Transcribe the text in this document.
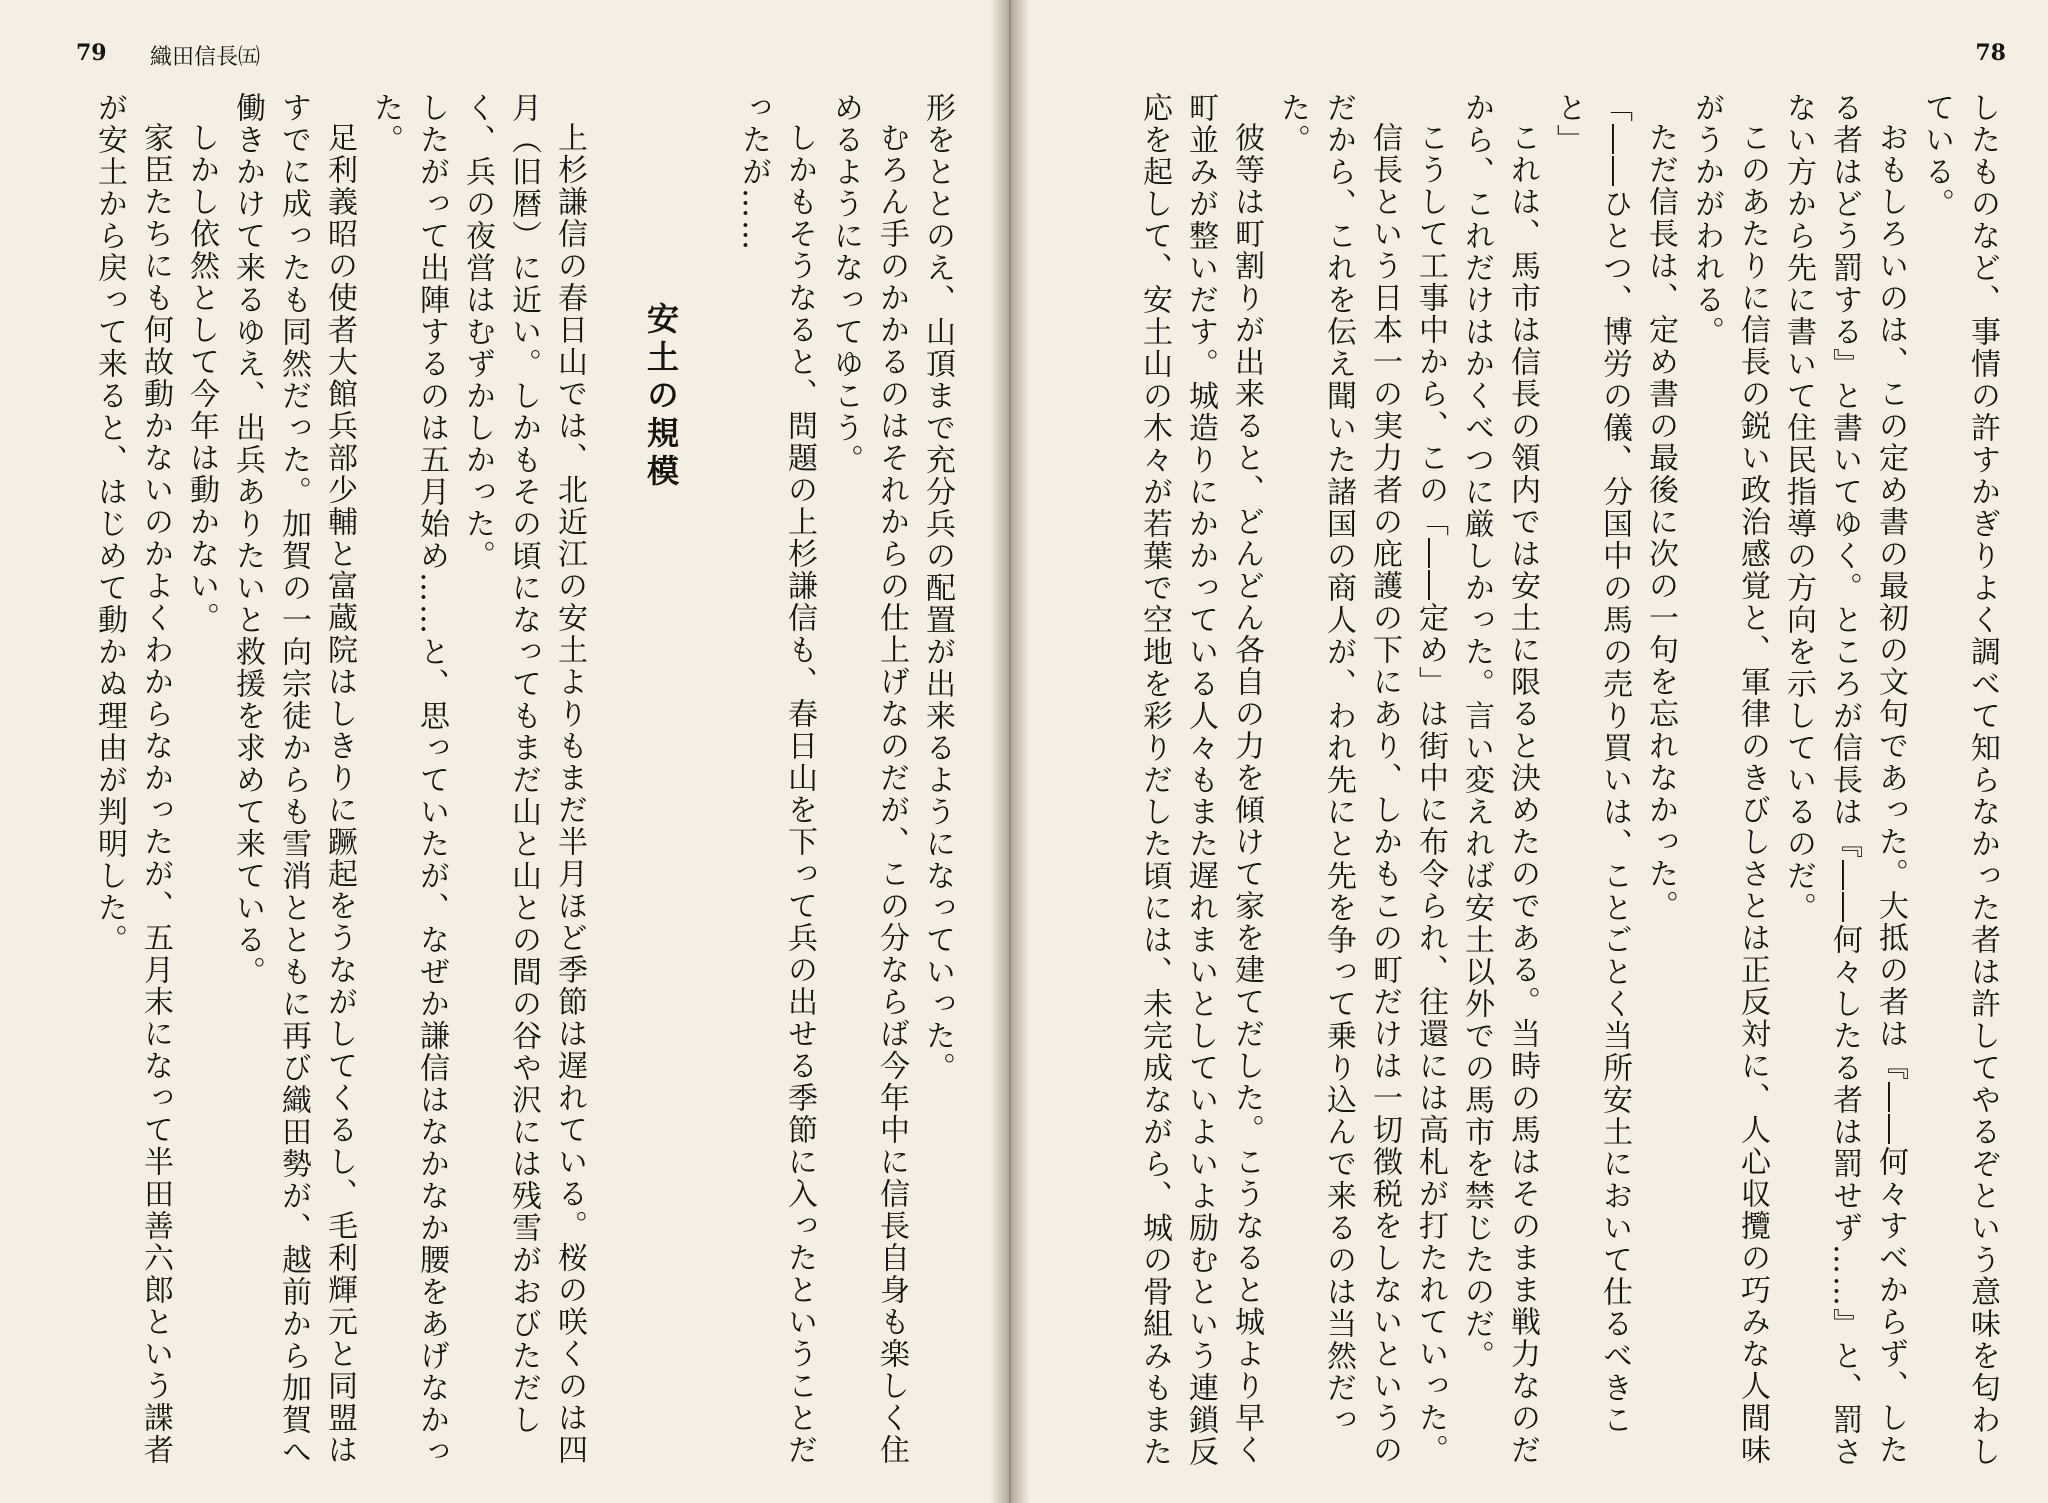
79 織田信長㈤

形をととのえ、山頂まで充分兵の配置が出来るようになっていった。

むろん手のかかるのはそれからの仕上げなのだが、この分ならば今年中に信長自身も楽しく住めるようになってゆこう。

しかもそうなると、問題の上杉謙信も、春日山を下って兵の出せる季節に入ったということだったが……

安土の規模

上杉謙信の春日山では、北近江の安土よりもまだ半月ほど季節は遅れている。桜の咲くのは四月（旧暦）に近い。しかもその頃になってもまだ山と山との間の谷や沢には残雪がおびただしく、兵の夜営はむずかしかった。

したがって出陣するのは五月始め……と、思っていたが、なぜか謙信はなかなか腰をあげなかった。

足利義昭の使者大館兵部少輔と富蔵院はしきりに蹶起をうながしてくるし、毛利輝元と同盟はすでに成ったも同然だった。加賀の一向宗徒からも雪消とともに再び織田勢が、越前から加賀へ働きかけて来るゆえ、出兵ありたいと救援を求めて来ている。

しかし依然として今年は動かない。

家臣たちにも何故動かないのかよくわからなかったが、五月末になって半田善六郎という諜者が安土から戻って来ると、はじめて動かぬ理由が判明した。

78

したものなど、事情の許すかぎりよく調べて知らなかった者は許してやるぞという意味を匂わしている。

おもしろいのは、この定め書の最初の文句であった。大抵の者は『――何々すべからず、したる者はどう罰する』と書いてゆく。ところが信長は『――何々したる者は罰せず……』と、罰さない方から先に書いて住民指導の方向を示しているのだ。

このあたりに信長の鋭い政治感覚と、軍律のきびしさとは正反対に、人心収攬の巧みな人間味がうかがわれる。

ただ信長は、定め書の最後に次の一句を忘れなかった。

「――ひとつ、博労の儀、分国中の馬の売り買いは、ことごとく当所安土において仕るべきこと」

これは、馬市は信長の領内では安土に限ると決めたのである。当時の馬はそのまま戦力なのだから、これだけはかくべつに厳しかった。言い変えれば安土以外での馬市を禁じたのだ。

こうして工事中から、この「――定め」は街中に布令られ、往還には高札が打たれていった。

信長という日本一の実力者の庇護の下にあり、しかもこの町だけは一切徴税をしないというのだから、これを伝え聞いた諸国の商人が、われ先にと先を争って乗り込んで来るのは当然だった。

彼等は町割りが出来ると、どんどん各自の力を傾けて家を建てだした。こうなると城より早く町並みが整いだす。城造りにかかっている人々もまた遅れまいとしていよいよ励むという連鎖反応を起して、安土山の木々が若葉で空地を彩りだした頃には、未完成ながら、城の骨組みもまた
